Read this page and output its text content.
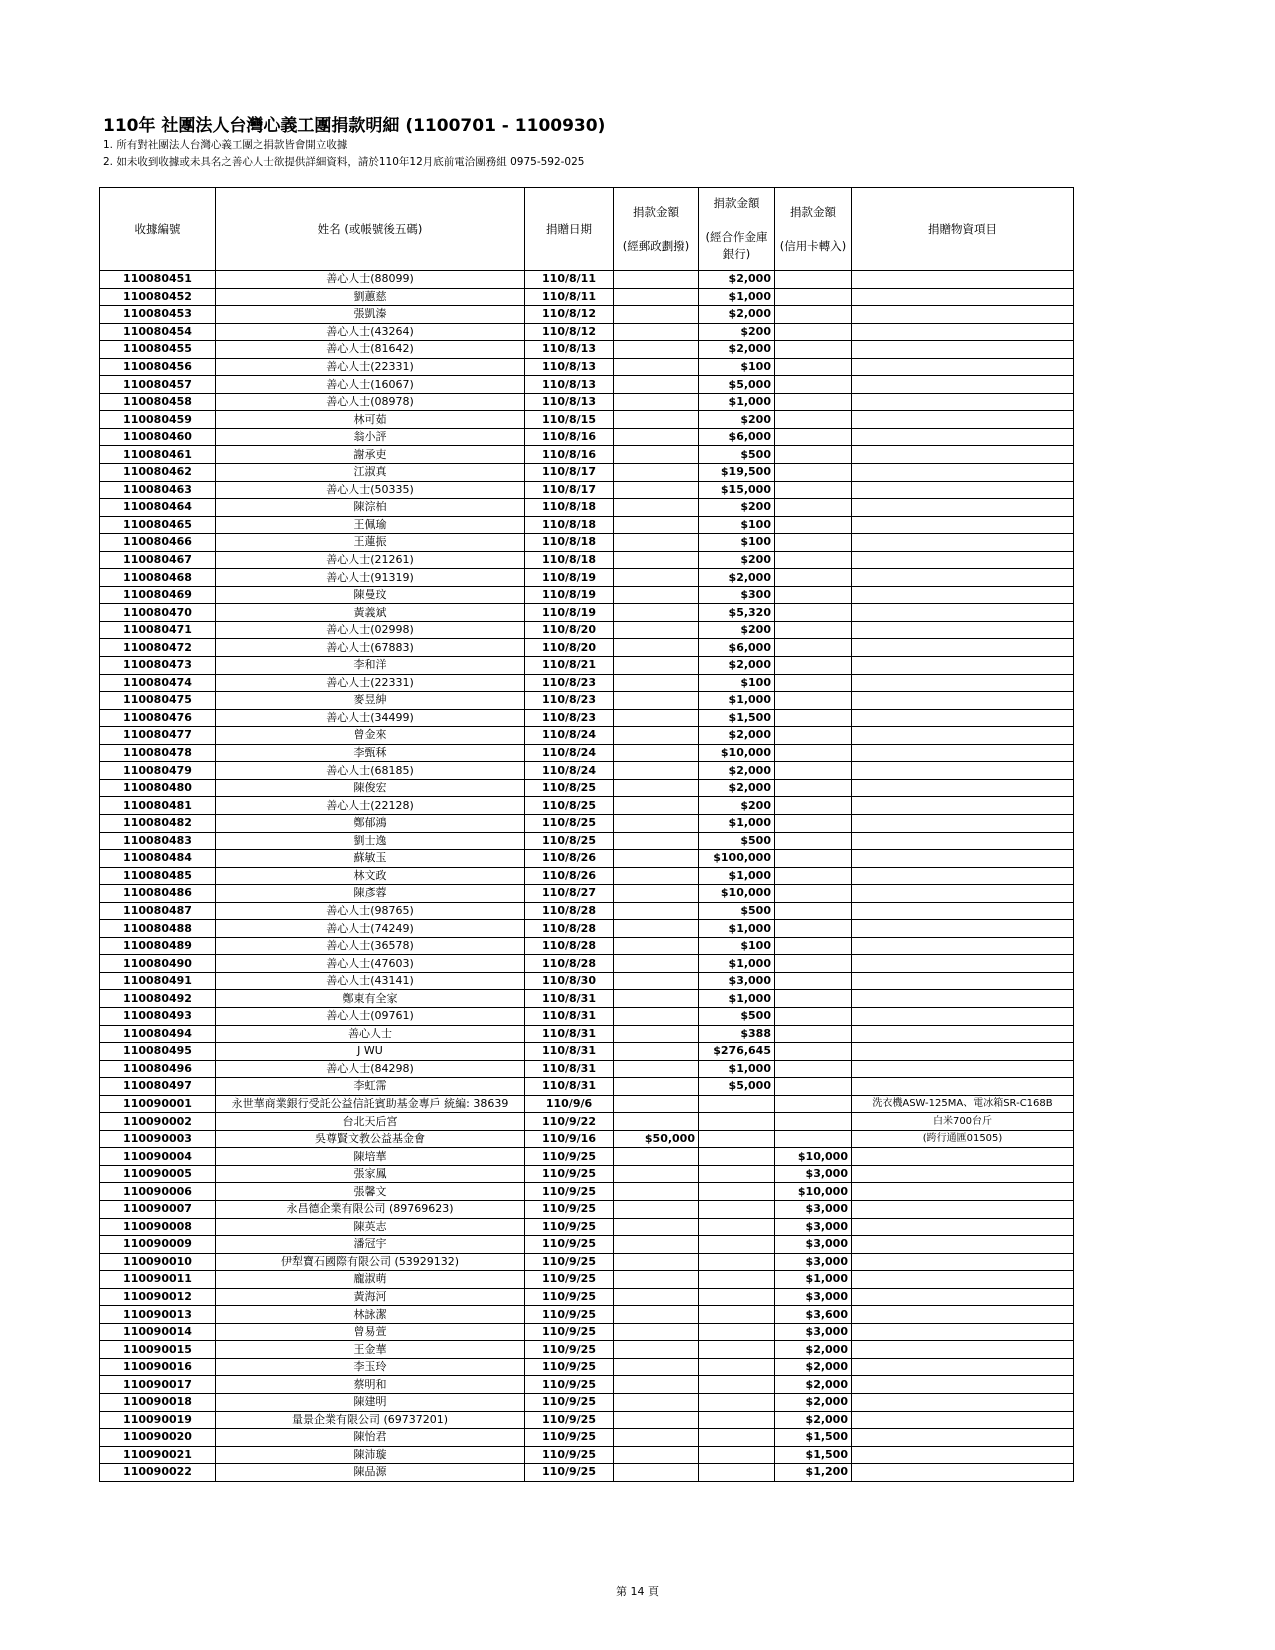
110年 社團法人台灣心義工團捐款明細 (1100701 - 1100930)
1. 所有對社團法人台灣心義工團之捐款皆會開立收據
2. 如未收到收據或未具名之善心人士欲提供詳細資料，請於110年12月底前電洽團務組 0975-592-025
收據編號	姓名 (或帳號後五碼)	捐贈日期	捐款金額

(經郵政劃撥)	捐款金額

(經合作金庫銀行)	捐款金額

(信用卡轉入)	捐贈物資項目
110080451	善心人士(88099)	110/8/11		$2,000		
110080452	劉蕙慈	110/8/11		$1,000		
110080453	張凱溱	110/8/12		$2,000		
110080454	善心人士(43264)	110/8/12		$200		
110080455	善心人士(81642)	110/8/13		$2,000		
110080456	善心人士(22331)	110/8/13		$100		
110080457	善心人士(16067)	110/8/13		$5,000		
110080458	善心人士(08978)	110/8/13		$1,000		
110080459	林可茹	110/8/15		$200		
110080460	翁小評	110/8/16		$6,000		
110080461	謝承吏	110/8/16		$500		
110080462	江淑真	110/8/17		$19,500		
110080463	善心人士(50335)	110/8/17		$15,000		
110080464	陳淙柏	110/8/18		$200		
110080465	王佩瑜	110/8/18		$100		
110080466	王蓮振	110/8/18		$100		
110080467	善心人士(21261)	110/8/18		$200		
110080468	善心人士(91319)	110/8/19		$2,000		
110080469	陳曼玟	110/8/19		$300		
110080470	黃義斌	110/8/19		$5,320		
110080471	善心人士(02998)	110/8/20		$200		
110080472	善心人士(67883)	110/8/20		$6,000		
110080473	李和洋	110/8/21		$2,000		
110080474	善心人士(22331)	110/8/23		$100		
110080475	麥昱紳	110/8/23		$1,000		
110080476	善心人士(34499)	110/8/23		$1,500		
110080477	曾金來	110/8/24		$2,000		
110080478	李甄秝	110/8/24		$10,000		
110080479	善心人士(68185)	110/8/24		$2,000		
110080480	陳俊宏	110/8/25		$2,000		
110080481	善心人士(22128)	110/8/25		$200		
110080482	鄭郁鴻	110/8/25		$1,000		
110080483	劉士逸	110/8/25		$500		
110080484	蘇敏玉	110/8/26		$100,000		
110080485	林文政	110/8/26		$1,000		
110080486	陳彥蓉	110/8/27		$10,000		
110080487	善心人士(98765)	110/8/28		$500		
110080488	善心人士(74249)	110/8/28		$1,000		
110080489	善心人士(36578)	110/8/28		$100		
110080490	善心人士(47603)	110/8/28		$1,000		
110080491	善心人士(43141)	110/8/30		$3,000		
110080492	鄭東有全家	110/8/31		$1,000		
110080493	善心人士(09761)	110/8/31		$500		
110080494	善心人士	110/8/31		$388		
110080495	J WU	110/8/31		$276,645		
110080496	善心人士(84298)	110/8/31		$1,000		
110080497	李虹霈	110/8/31		$5,000		
110090001	永世華商業銀行受託公益信託賓助基金專戶 統編: 38639	110/9/6				洗衣機ASW-125MA、電冰箱SR-C168B
110090002	台北天后宮	110/9/22				白米700台斤
110090003	吳尊賢文教公益基金會	110/9/16	$50,000			(跨行通匯01505)
110090004	陳培華	110/9/25			$10,000	
110090005	張家鳳	110/9/25			$3,000	
110090006	張馨文	110/9/25			$10,000	
110090007	永昌德企業有限公司 (89769623)	110/9/25			$3,000	
110090008	陳英志	110/9/25			$3,000	
110090009	潘冠宇	110/9/25			$3,000	
110090010	伊犁寶石國際有限公司 (53929132)	110/9/25			$3,000	
110090011	龐淑萌	110/9/25			$1,000	
110090012	黃海河	110/9/25			$3,000	
110090013	林詠潔	110/9/25			$3,600	
110090014	曾易萱	110/9/25			$3,000	
110090015	王金華	110/9/25			$2,000	
110090016	李玉玲	110/9/25			$2,000	
110090017	蔡明和	110/9/25			$2,000	
110090018	陳建明	110/9/25			$2,000	
110090019	量景企業有限公司 (69737201)	110/9/25			$2,000	
110090020	陳怡君	110/9/25			$1,500	
110090021	陳沛璇	110/9/25			$1,500	
110090022	陳品源	110/9/25			$1,200	
第 14 頁
